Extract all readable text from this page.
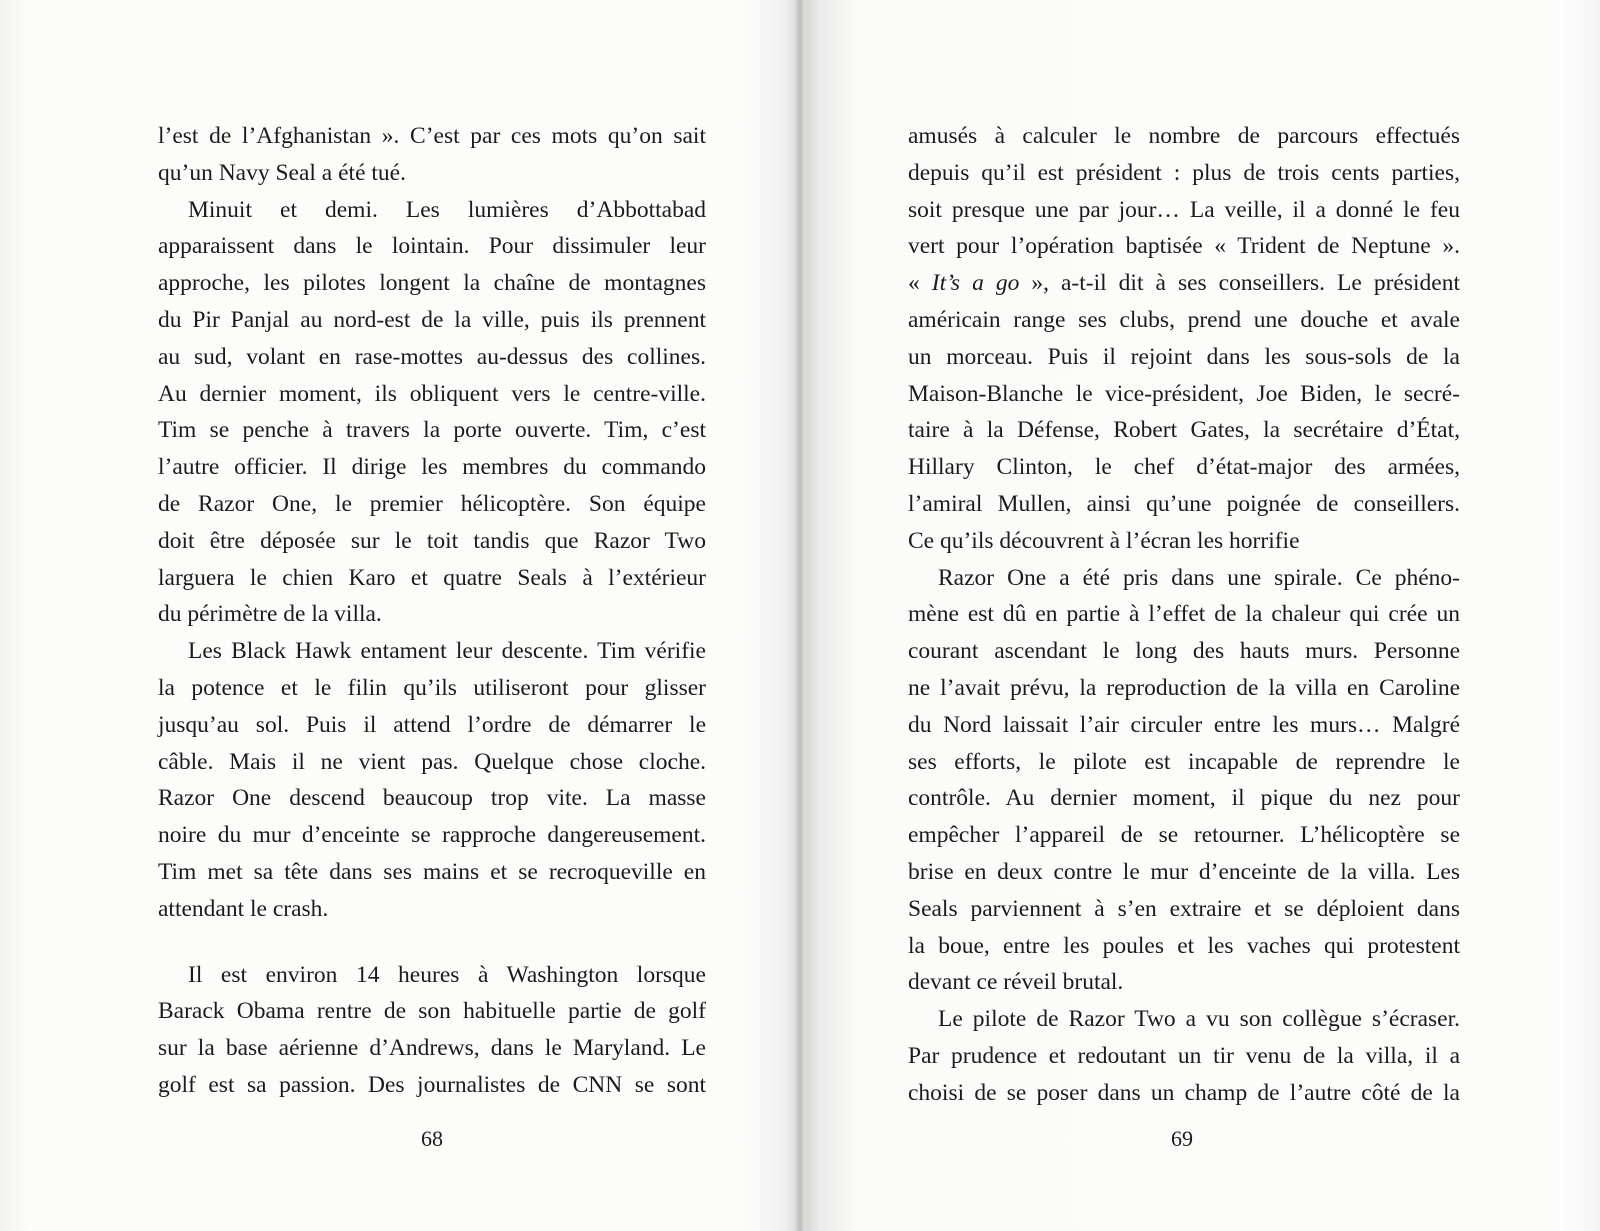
l’est de l’Afghanistan ». C’est par ces mots qu’on sait
qu’un Navy Seal a été tué.
Minuit et demi. Les lumières d’Abbottabad
apparaissent dans le lointain. Pour dissimuler leur
approche, les pilotes longent la chaîne de montagnes
du Pir Panjal au nord-est de la ville, puis ils prennent
au sud, volant en rase-mottes au-dessus des collines.
Au dernier moment, ils obliquent vers le centre-ville.
Tim se penche à travers la porte ouverte. Tim, c’est
l’autre officier. Il dirige les membres du commando
de Razor One, le premier hélicoptère. Son équipe
doit être déposée sur le toit tandis que Razor Two
larguera le chien Karo et quatre Seals à l’extérieur
du périmètre de la villa.
Les Black Hawk entament leur descente. Tim vérifie
la potence et le filin qu’ils utiliseront pour glisser
jusqu’au sol. Puis il attend l’ordre de démarrer le
câble. Mais il ne vient pas. Quelque chose cloche.
Razor One descend beaucoup trop vite. La masse
noire du mur d’enceinte se rapproche dangereusement.
Tim met sa tête dans ses mains et se recroqueville en
attendant le crash.
Il est environ 14 heures à Washington lorsque
Barack Obama rentre de son habituelle partie de golf
sur la base aérienne d’Andrews, dans le Maryland. Le
golf est sa passion. Des journalistes de CNN se sont
68
amusés à calculer le nombre de parcours effectués
depuis qu’il est président : plus de trois cents parties,
soit presque une par jour… La veille, il a donné le feu
vert pour l’opération baptisée « Trident de Neptune ».
« It’s a go », a-t-il dit à ses conseillers. Le président
américain range ses clubs, prend une douche et avale
un morceau. Puis il rejoint dans les sous-sols de la
Maison-Blanche le vice-président, Joe Biden, le secré-
taire à la Défense, Robert Gates, la secrétaire d’État,
Hillary Clinton, le chef d’état-major des armées,
l’amiral Mullen, ainsi qu’une poignée de conseillers.
Ce qu’ils découvrent à l’écran les horrifie
Razor One a été pris dans une spirale. Ce phéno-
mène est dû en partie à l’effet de la chaleur qui crée un
courant ascendant le long des hauts murs. Personne
ne l’avait prévu, la reproduction de la villa en Caroline
du Nord laissait l’air circuler entre les murs… Malgré
ses efforts, le pilote est incapable de reprendre le
contrôle. Au dernier moment, il pique du nez pour
empêcher l’appareil de se retourner. L’hélicoptère se
brise en deux contre le mur d’enceinte de la villa. Les
Seals parviennent à s’en extraire et se déploient dans
la boue, entre les poules et les vaches qui protestent
devant ce réveil brutal.
Le pilote de Razor Two a vu son collègue s’écraser.
Par prudence et redoutant un tir venu de la villa, il a
choisi de se poser dans un champ de l’autre côté de la
69
